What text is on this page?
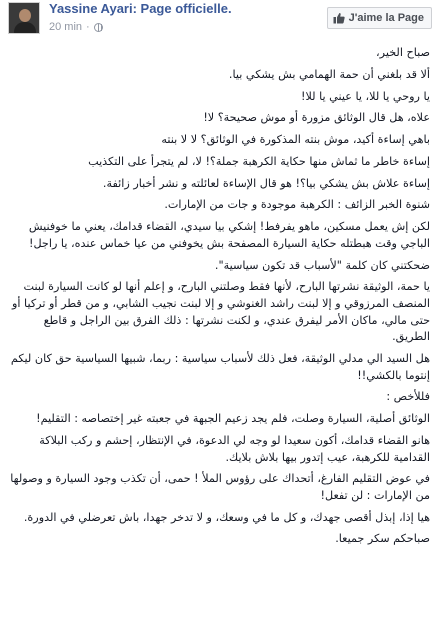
Yassine Ayari: Page officielle.
20 min ·
J'aime la Page

صباح الخير،

ألا قد بلغني أن حمة الهمامي بش يشكي بيا.

يا روحي يا للا، يا عيني يا للا!

علاه، هل قال الوثائق مزورة أو موش صحيحة؟ لا!

باهي إساءة أكيد، موش بنته المذكورة في الوثائق؟ لا لا بنته

إساءة خاطر ما ثماش منها حكاية الكرهبة جملة؟! لا، لم يتجرأ على التكذيب

إساءة علاش بش يشكي بيا؟! هو قال الإساءة لعائلته و نشر أخبار زائفة.

شنوة الخبر الزائف : الكرهبة موجودة و جات من الإمارات.

لكن إش يعمل مسكين، ماهو يفرفط! إشكي بيا سيدي، القضاء قدامك، يعني ما خوفنيش الباجي وقت هبطتله حكاية السيارة المصفحة بش يخوفني من عيا خماس عنده، يا راجل!

ضحكتني كان كلمة "لأسباب قد تكون سياسية".

يا حمة، الوثيقة نشرتها البارح، لأنها فقط وصلتني البارح، و إعلم أنها لو كانت السيارة لبنت المنصف المرزوقي و إلا لبنت راشد الغنوشي و إلا لبنت نجيب الشابي، و من قطر أو تركيا أو حتى مالي، ماكان الأمر ليفرق عندي، و لكنت نشرتها : ذلك الفرق بين الراجل و قاطع الطريق.

هل السيد الي مدلي الوثيقة، فعل ذلك لأسباب سياسية : ربما، شبيها السياسية حق كان ليكم إنتوما بالكشي!!

فللأخص :

الوثائق أصلية، السيارة وصلت، فلم يجد زعيم الجبهة في جعبته غير إختصاصه : التقليم!

هانو القضاء قدامك، أكون سعيدا لو وجه لي الدعوة، في الإنتظار، إحشم و ركب البلاكة القدامية للكرهبة، عيب إتدور بيها بلاش بلايك.

في عوض التقليم الفارغ، أتحداك على رؤوس الملأ ! حمى، أن تكذب وجود السيارة و وصولها من الإمارات : لن تفعل!

هيا إذا، إبذل أقصى جهدك، و كل ما في وسعك، و لا تدخر جهدا، باش تعرضلي في الدورة.

صباحكم سكر جميعا.
